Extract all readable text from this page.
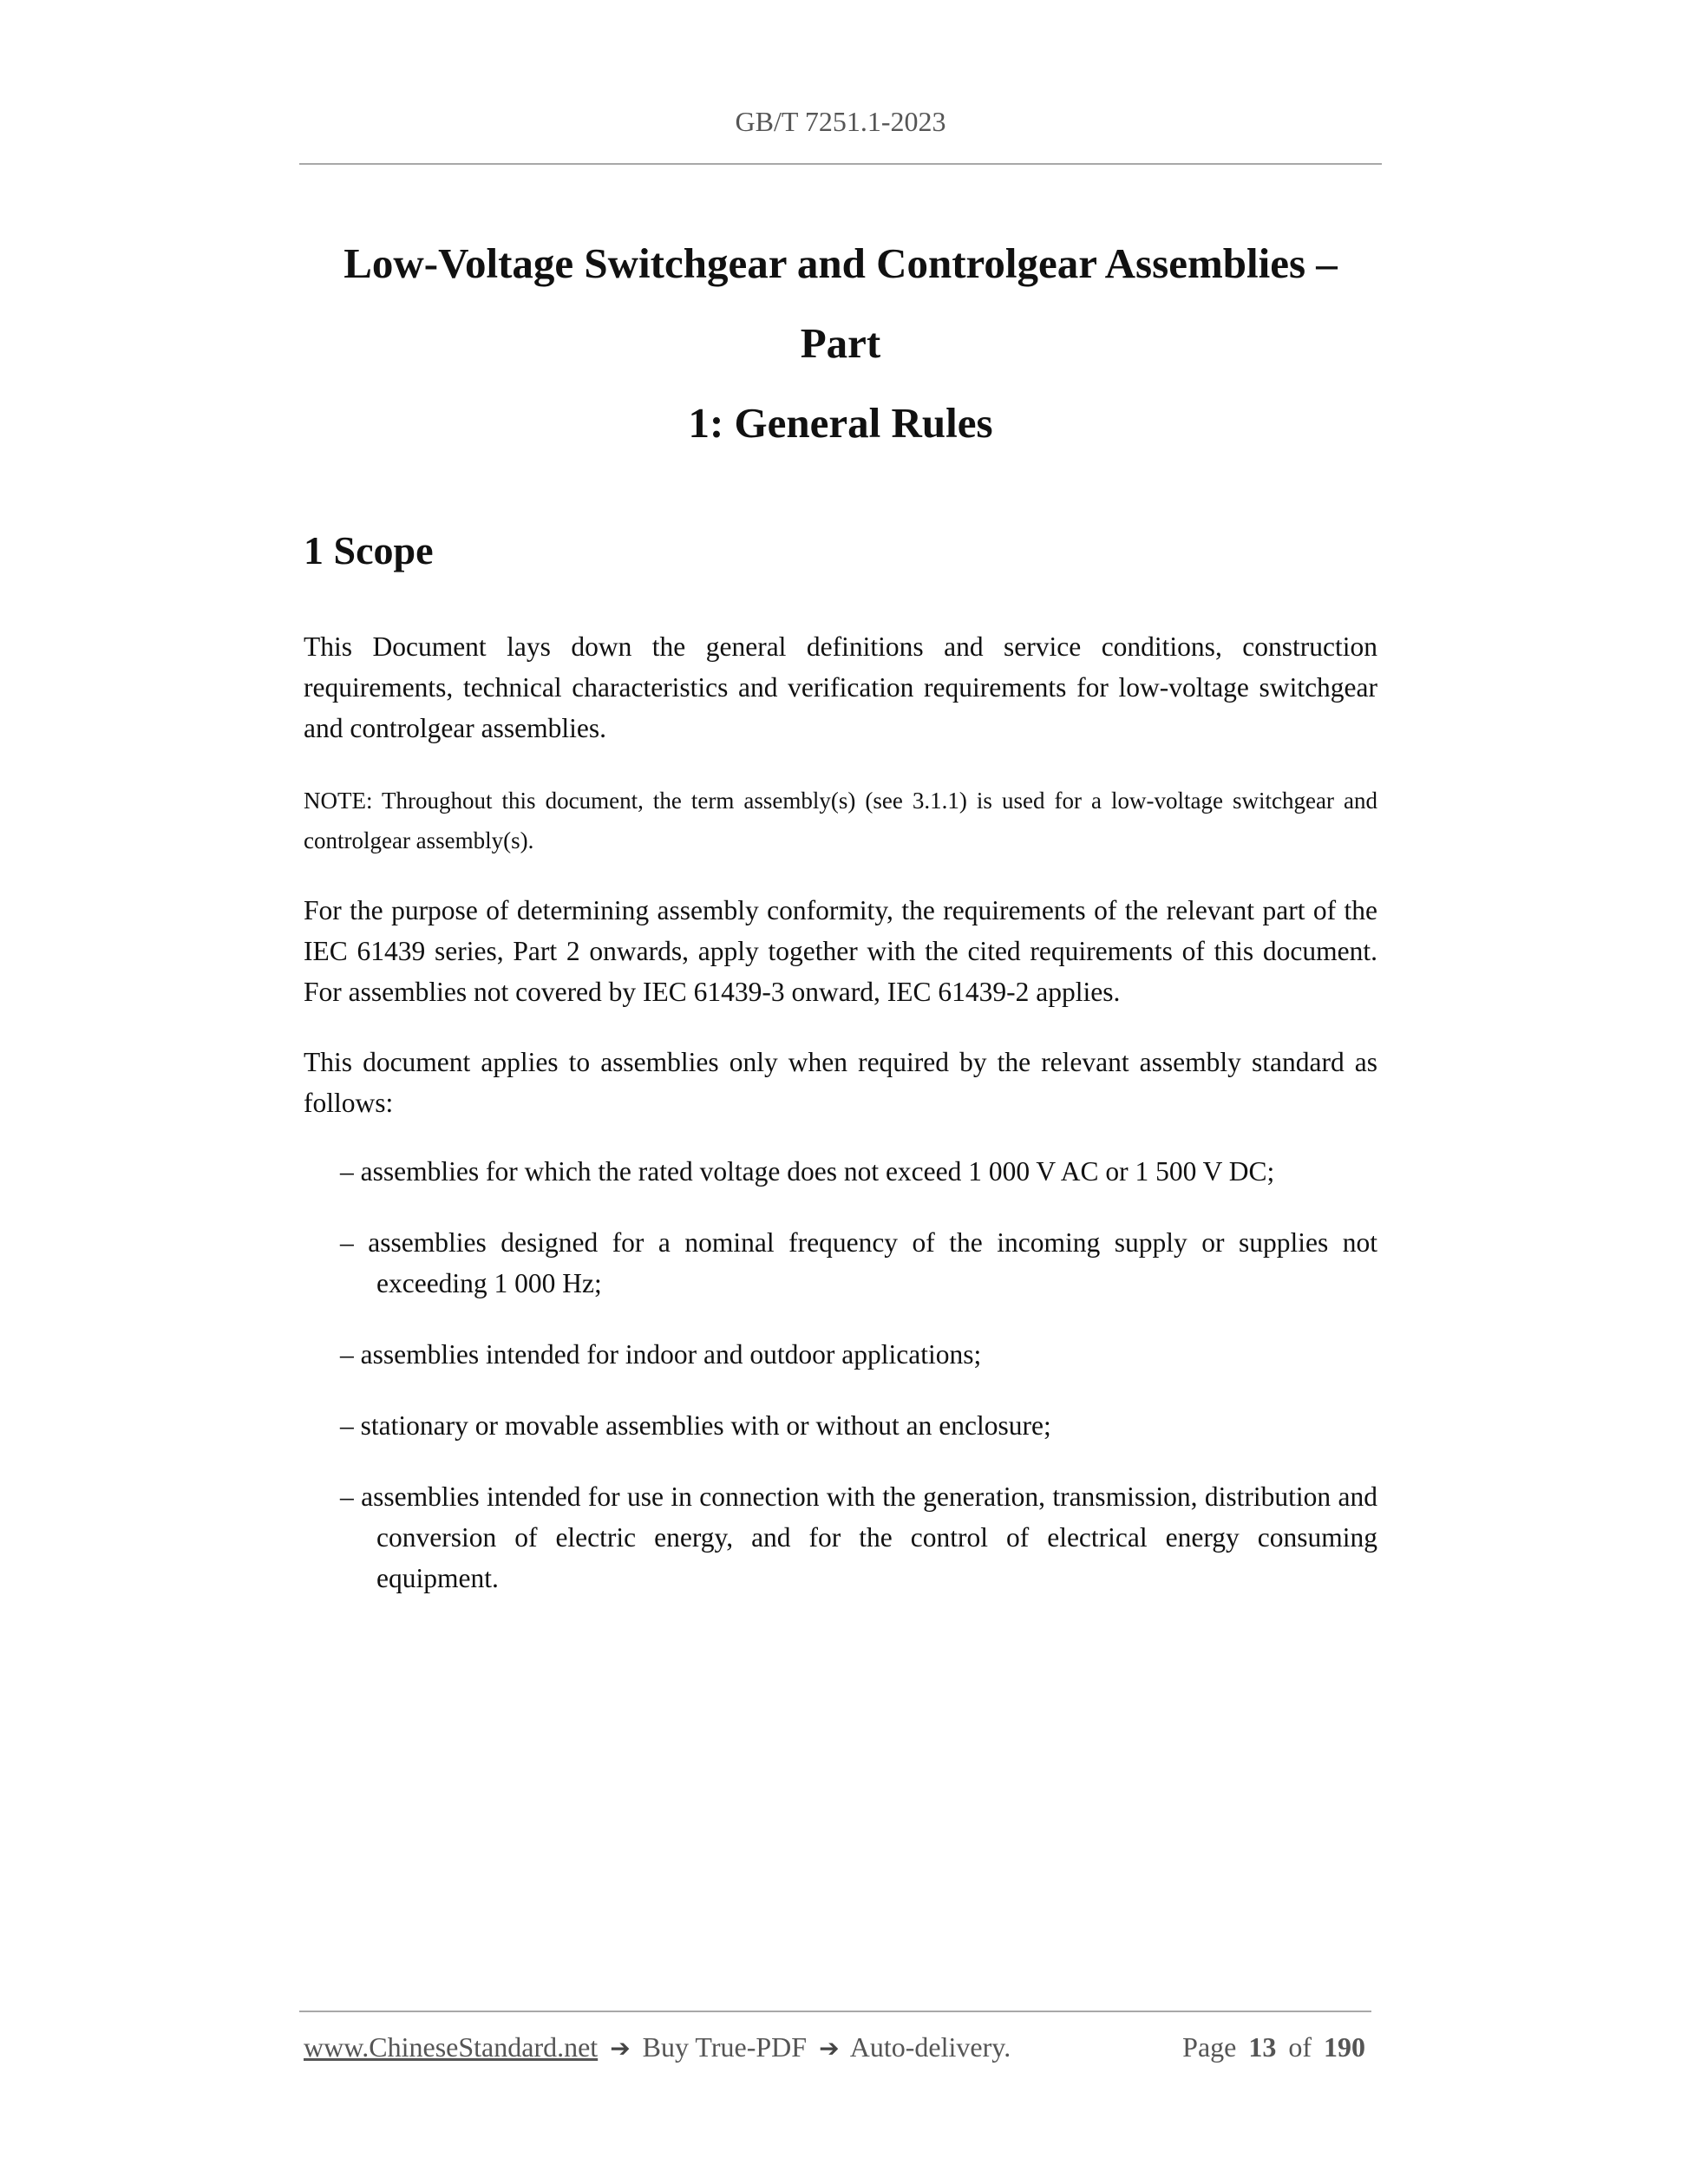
GB/T 7251.1-2023
Low-Voltage Switchgear and Controlgear Assemblies – Part
1: General Rules
1 Scope

This Document lays down the general definitions and service conditions, construction requirements, technical characteristics and verification requirements for low-voltage switchgear and controlgear assemblies.

NOTE: Throughout this document, the term assembly(s) (see 3.1.1) is used for a low-voltage switchgear and controlgear assembly(s).

For the purpose of determining assembly conformity, the requirements of the relevant part of the IEC 61439 series, Part 2 onwards, apply together with the cited requirements of this document. For assemblies not covered by IEC 61439-3 onward, IEC 61439-2 applies.

This document applies to assemblies only when required by the relevant assembly standard as follows:

– assemblies for which the rated voltage does not exceed 1 000 V AC or 1 500 V DC;
– assemblies designed for a nominal frequency of the incoming supply or supplies not exceeding 1 000 Hz;
– assemblies intended for indoor and outdoor applications;
– stationary or movable assemblies with or without an enclosure;
– assemblies intended for use in connection with the generation, transmission, distribution and conversion of electric energy, and for the control of electrical energy consuming equipment.
www.ChineseStandard.net ➔ Buy True-PDF ➔ Auto-delivery.	Page 13 of 190
